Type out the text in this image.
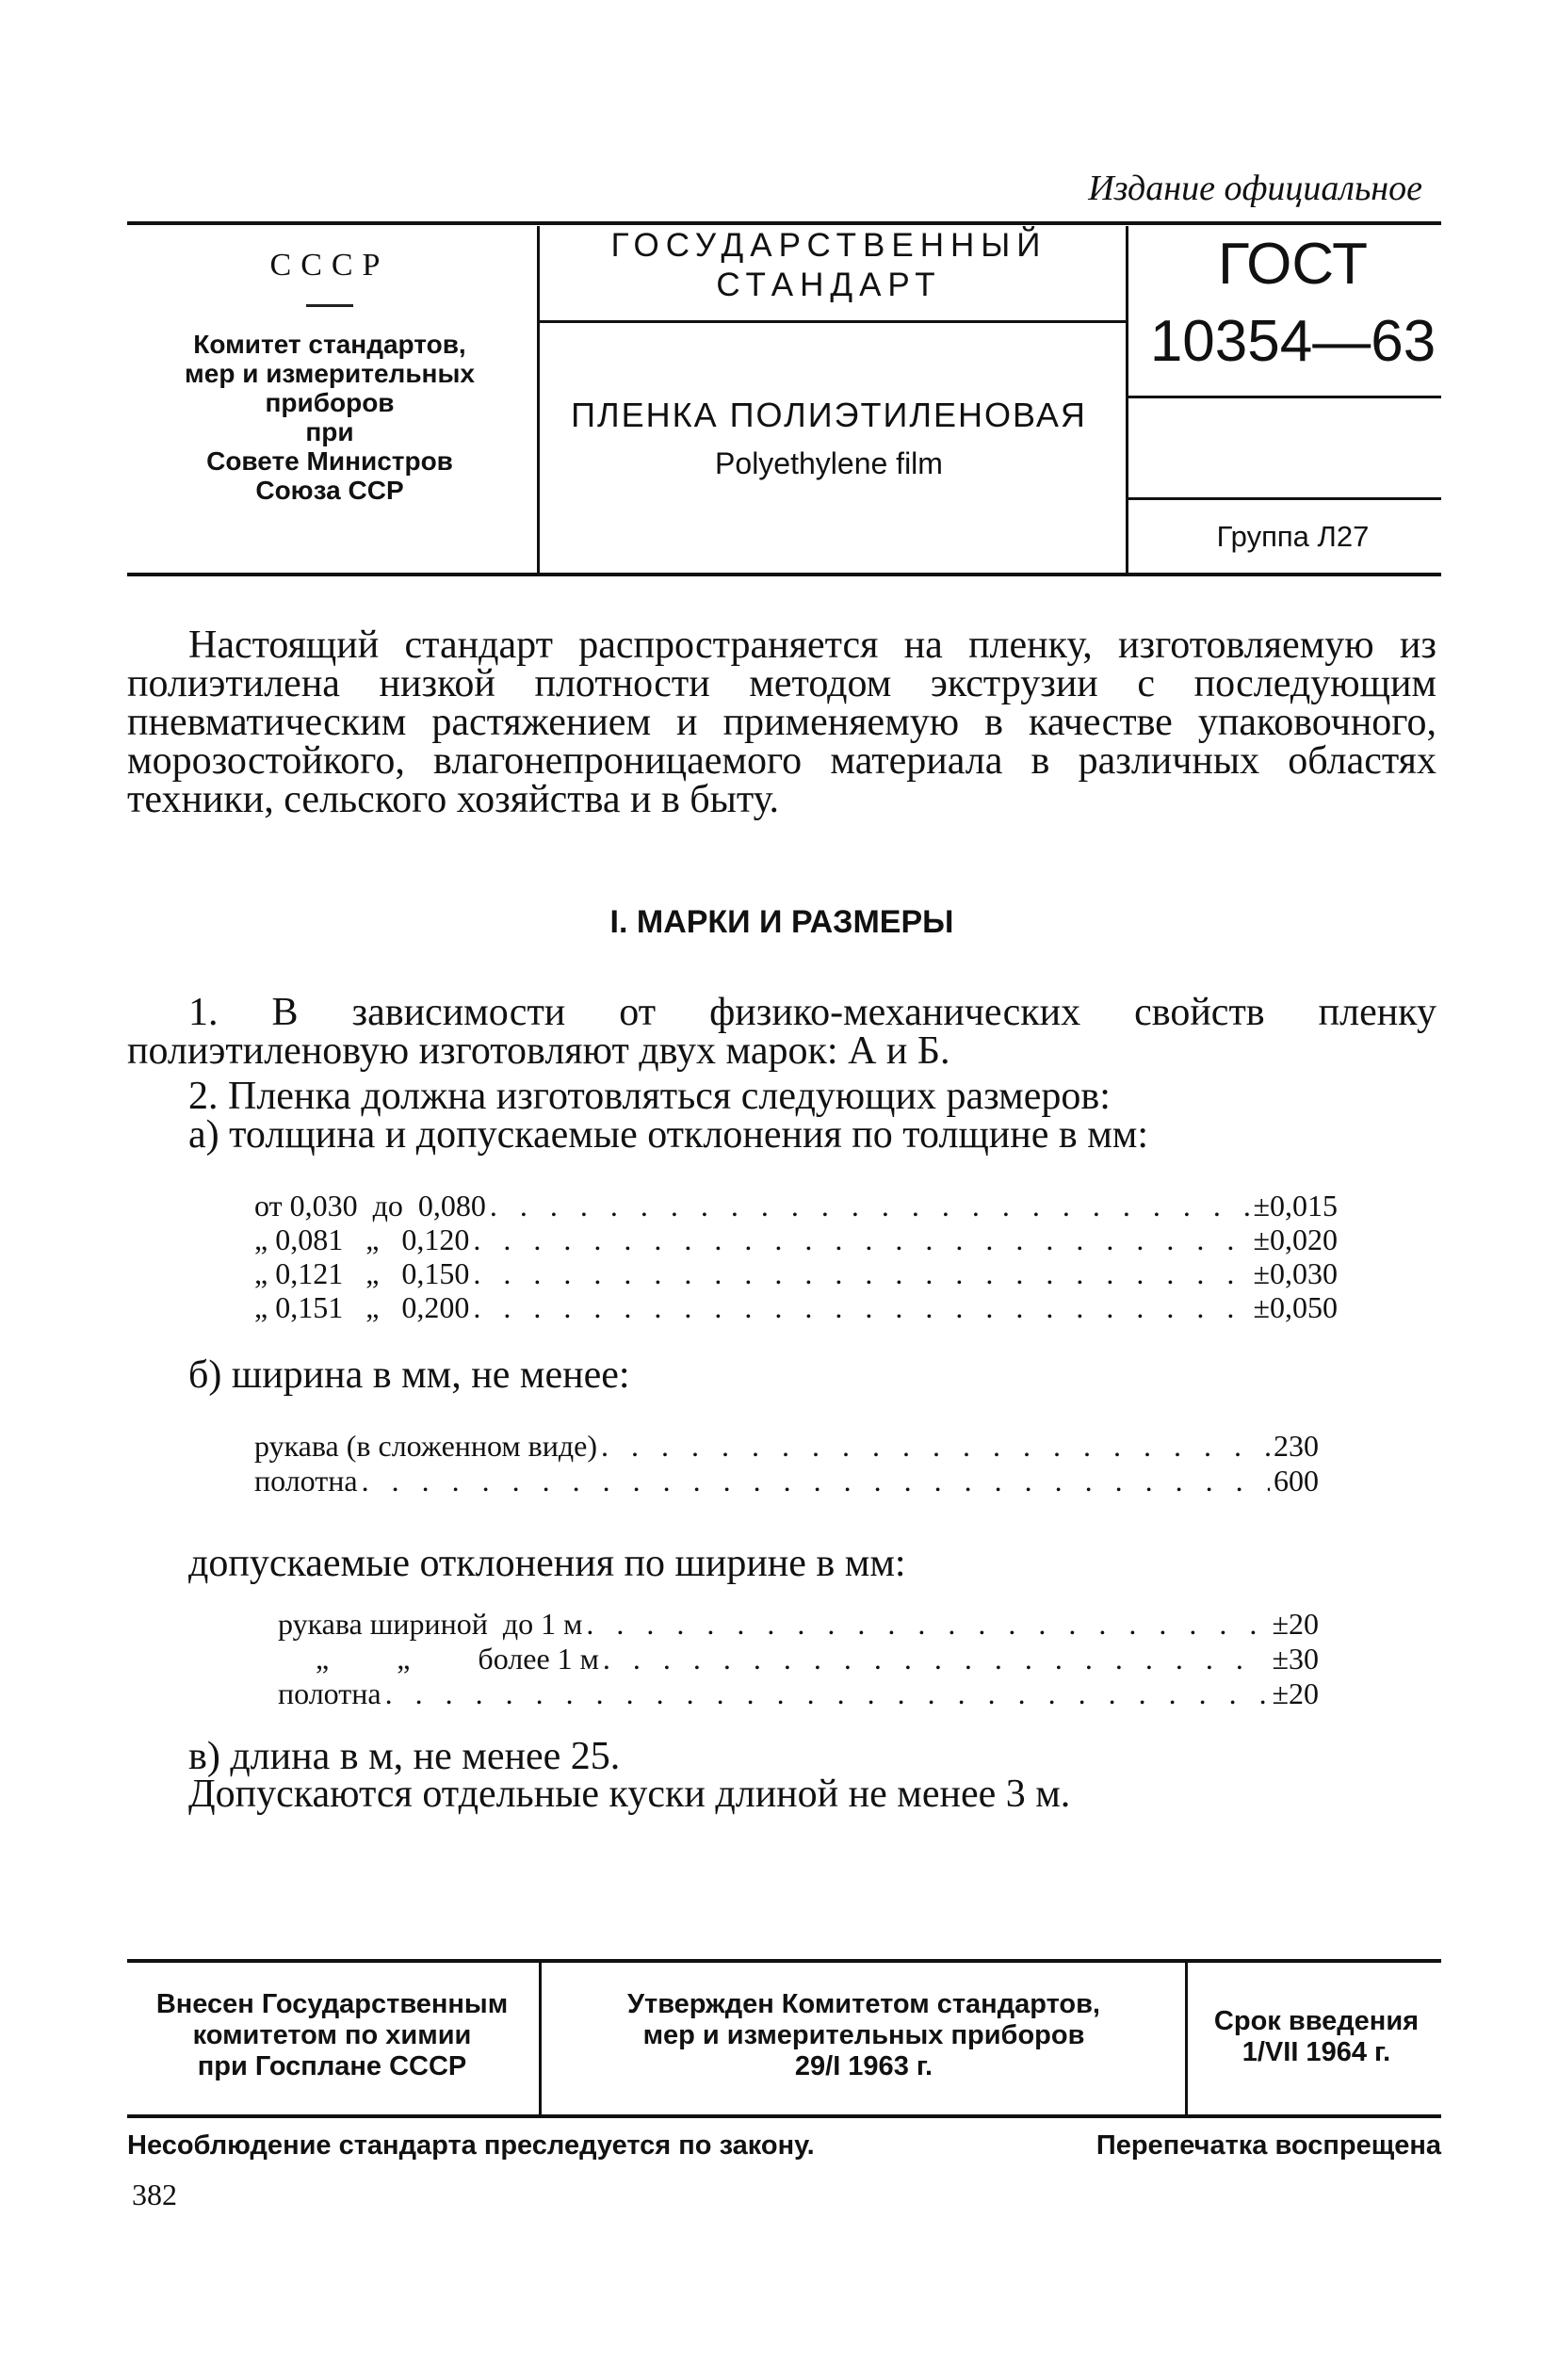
Издание официальное
СССР
Комитет стандартов,
мер и измерительных
приборов
при
Совете Министров
Союза ССР
ГОСУДАРСТВЕННЫЙ
СТАНДАРТ
ПЛЕНКА ПОЛИЭТИЛЕНОВАЯ
Polyethylene film
ГОСТ
10354—63
Группа Л27
Настоящий стандарт распространяется на пленку, изготовляемую из полиэтилена низкой плотности методом экструзии с последующим пневматическим растяжением и применяемую в качестве упаковочного, морозостойкого, влагонепроницаемого материала в различных областях техники, сельского хозяйства и в быту.
I. МАРКИ И РАЗМЕРЫ
1. В зависимости от физико-механических свойств пленку полиэтиленовую изготовляют двух марок: А и Б.
2. Пленка должна изготовляться следующих размеров:
а) толщина и допускаемые отклонения по толщине в мм:
от 0,030  до  0,080 . . .	±0,015
„ 0,081   „   0,120 . . .	±0,020
„ 0,121   „   0,150 . . .	±0,030
„ 0,151   „   0,200 . . .	±0,050
б) ширина в мм, не менее:
рукава (в сложенном виде) . . .	230
полотна . . .	600
допускаемые отклонения по ширине в мм:
рукава шириной  до 1 м . . .	±20
„         „         более 1 м . . .	±30
полотна . . .	±20
в) длина в м, не менее 25.
Допускаются отдельные куски длиной не менее 3 м.
Внесен Государственным
комитетом по химии
при Госплане СССР
Утвержден Комитетом стандартов,
мер и измерительных приборов
29/I 1963 г.
Срок введения
1/VII 1964 г.
Несоблюдение стандарта преследуется по закону.	Перепечатка воспрещена
382
